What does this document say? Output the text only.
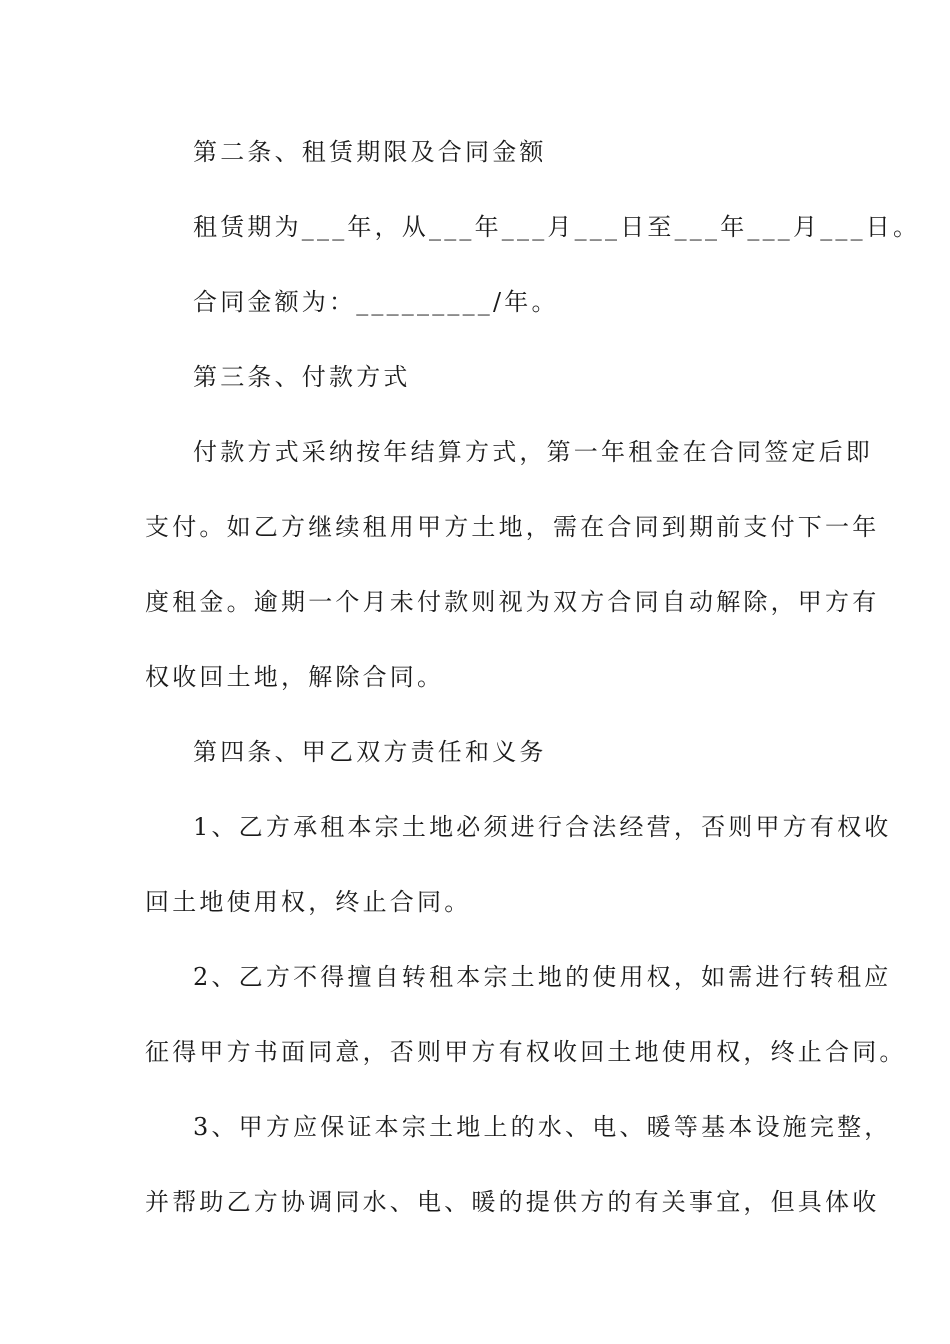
第二条、租赁期限及合同金额
租赁期为___年，从___年___月___日至___年___月___日。
合同金额为：_________/年。
第三条、付款方式
付款方式采纳按年结算方式，第一年租金在合同签定后即
支付。如乙方继续租用甲方土地，需在合同到期前支付下一年
度租金。逾期一个月未付款则视为双方合同自动解除，甲方有
权收回土地，解除合同。
第四条、甲乙双方责任和义务
1、乙方承租本宗土地必须进行合法经营，否则甲方有权收
回土地使用权，终止合同。
2、乙方不得擅自转租本宗土地的使用权，如需进行转租应
征得甲方书面同意，否则甲方有权收回土地使用权，终止合同。
3、甲方应保证本宗土地上的水、电、暖等基本设施完整，
并帮助乙方协调同水、电、暖的提供方的有关事宜，但具体收
